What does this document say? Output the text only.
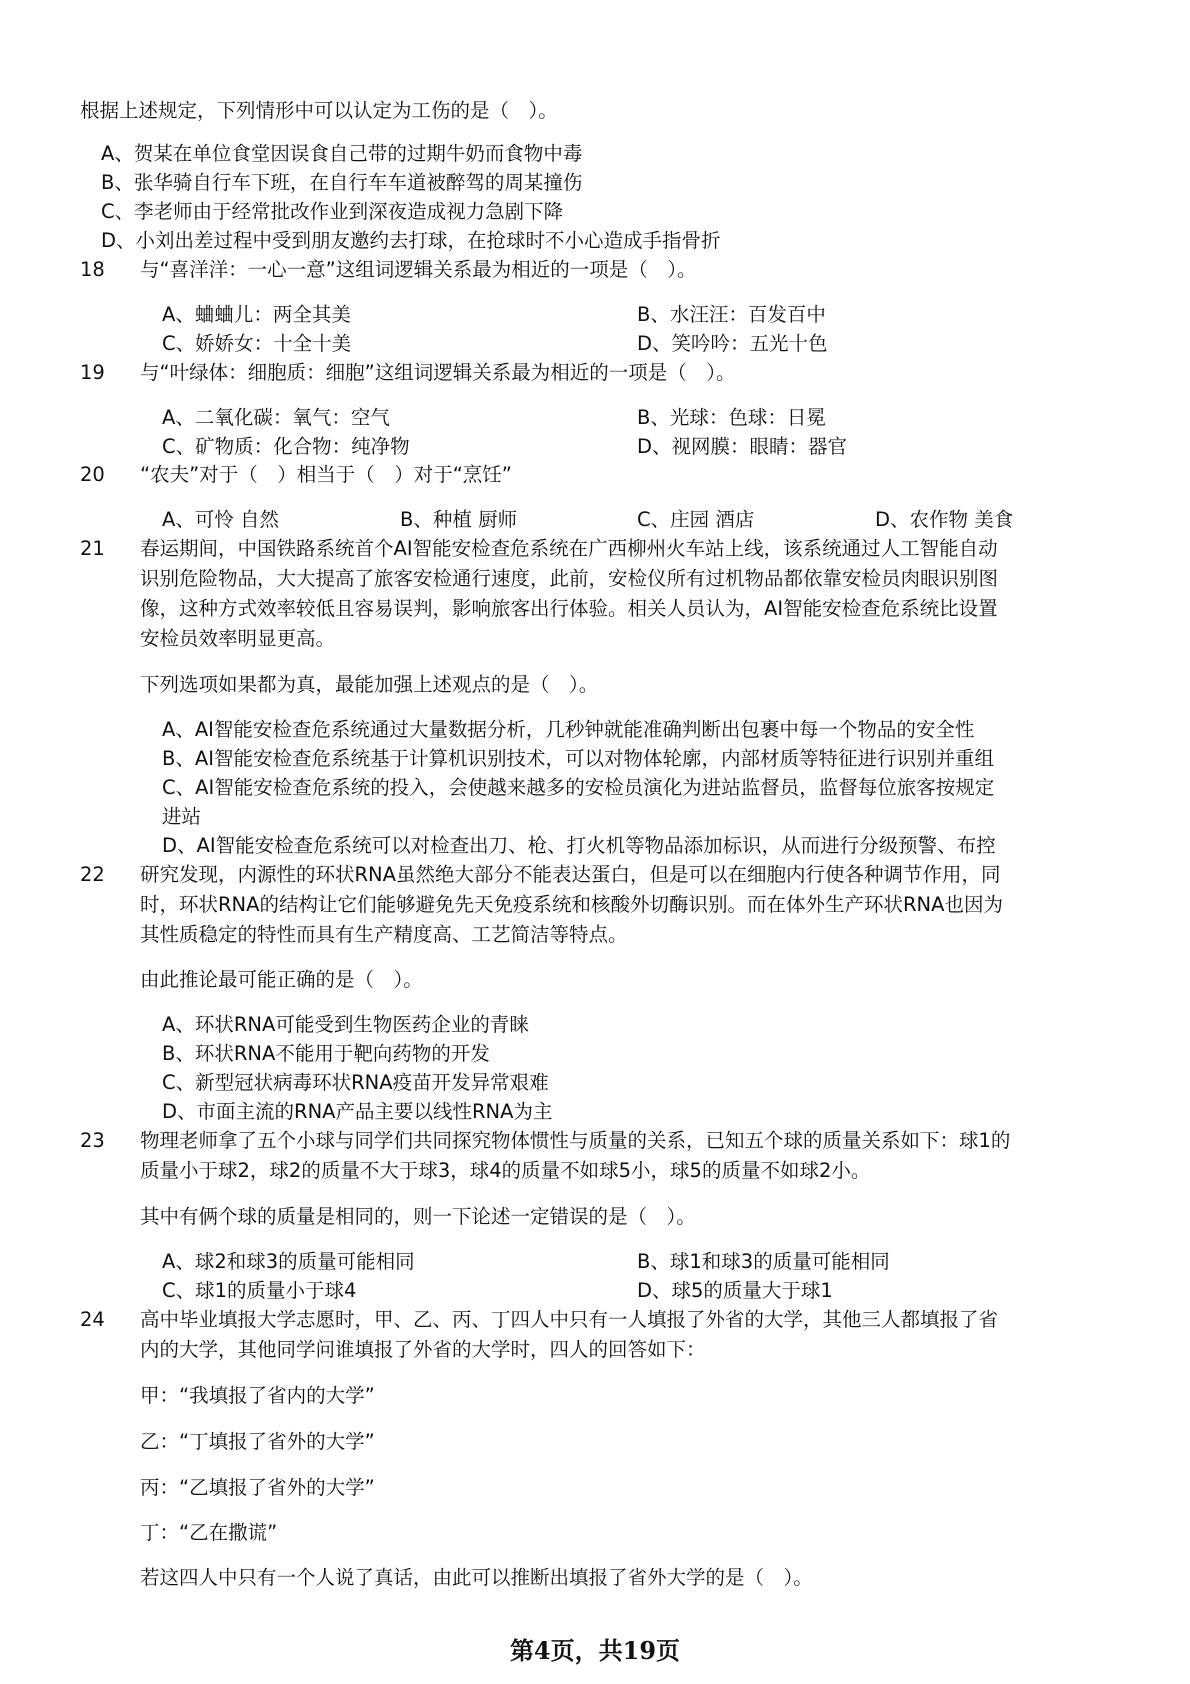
根据上述规定，下列情形中可以认定为工伤的是（　）。
A、贺某在单位食堂因误食自己带的过期牛奶而食物中毒
B、张华骑自行车下班，在自行车车道被醉驾的周某撞伤
C、李老师由于经常批改作业到深夜造成视力急剧下降
D、小刘出差过程中受到朋友邀约去打球，在抢球时不小心造成手指骨折
18 与“喜洋洋：一心一意”这组词逻辑关系最为相近的一项是（　）。
A、蛐蛐儿：两全其美	B、水汪汪：百发百中
C、娇娇女：十全十美	D、笑吟吟：五光十色
19 与“叶绿体：细胞质：细胞”这组词逻辑关系最为相近的一项是（　）。
A、二氧化碳：氧气：空气	B、光球：色球：日冕
C、矿物质：化合物：纯净物	D、视网膜：眼睛：器官
20 “农夫”对于（　）相当于（　）对于“烹饪”
A、可怜 自然	B、种植 厨师	C、庄园 酒店	D、农作物 美食
21 春运期间，中国铁路系统首个AI智能安检查危系统在广西柳州火车站上线，该系统通过人工智能自动
识别危险物品，大大提高了旅客安检通行速度，此前，安检仪所有过机物品都依靠安检员肉眼识别图
像，这种方式效率较低且容易误判，影响旅客出行体验。相关人员认为，AI智能安检查危系统比设置
安检员效率明显更高。
下列选项如果都为真，最能加强上述观点的是（　）。
A、AI智能安检查危系统通过大量数据分析，几秒钟就能准确判断出包裹中每一个物品的安全性
B、AI智能安检查危系统基于计算机识别技术，可以对物体轮廓，内部材质等特征进行识别并重组
C、AI智能安检查危系统的投入，会使越来越多的安检员演化为进站监督员，监督每位旅客按规定
进站
D、AI智能安检查危系统可以对检查出刀、枪、打火机等物品添加标识，从而进行分级预警、布控
22 研究发现，内源性的环状RNA虽然绝大部分不能表达蛋白，但是可以在细胞内行使各种调节作用，同
时，环状RNA的结构让它们能够避免先天免疫系统和核酸外切酶识别。而在体外生产环状RNA也因为
其性质稳定的特性而具有生产精度高、工艺简洁等特点。
由此推论最可能正确的是（　）。
A、环状RNA可能受到生物医药企业的青睐
B、环状RNA不能用于靶向药物的开发
C、新型冠状病毒环状RNA疫苗开发异常艰难
D、市面主流的RNA产品主要以线性RNA为主
23 物理老师拿了五个小球与同学们共同探究物体惯性与质量的关系，已知五个球的质量关系如下：球1的
质量小于球2，球2的质量不大于球3，球4的质量不如球5小，球5的质量不如球2小。
其中有俩个球的质量是相同的，则一下论述一定错误的是（　）。
A、球2和球3的质量可能相同	B、球1和球3的质量可能相同
C、球1的质量小于球4	D、球5的质量大于球1
24 高中毕业填报大学志愿时，甲、乙、丙、丁四人中只有一人填报了外省的大学，其他三人都填报了省
内的大学，其他同学问谁填报了外省的大学时，四人的回答如下：
甲：“我填报了省内的大学”
乙：“丁填报了省外的大学”
丙：“乙填报了省外的大学”
丁：“乙在撒谎”
若这四人中只有一个人说了真话，由此可以推断出填报了省外大学的是（　）。
第4页，共19页
